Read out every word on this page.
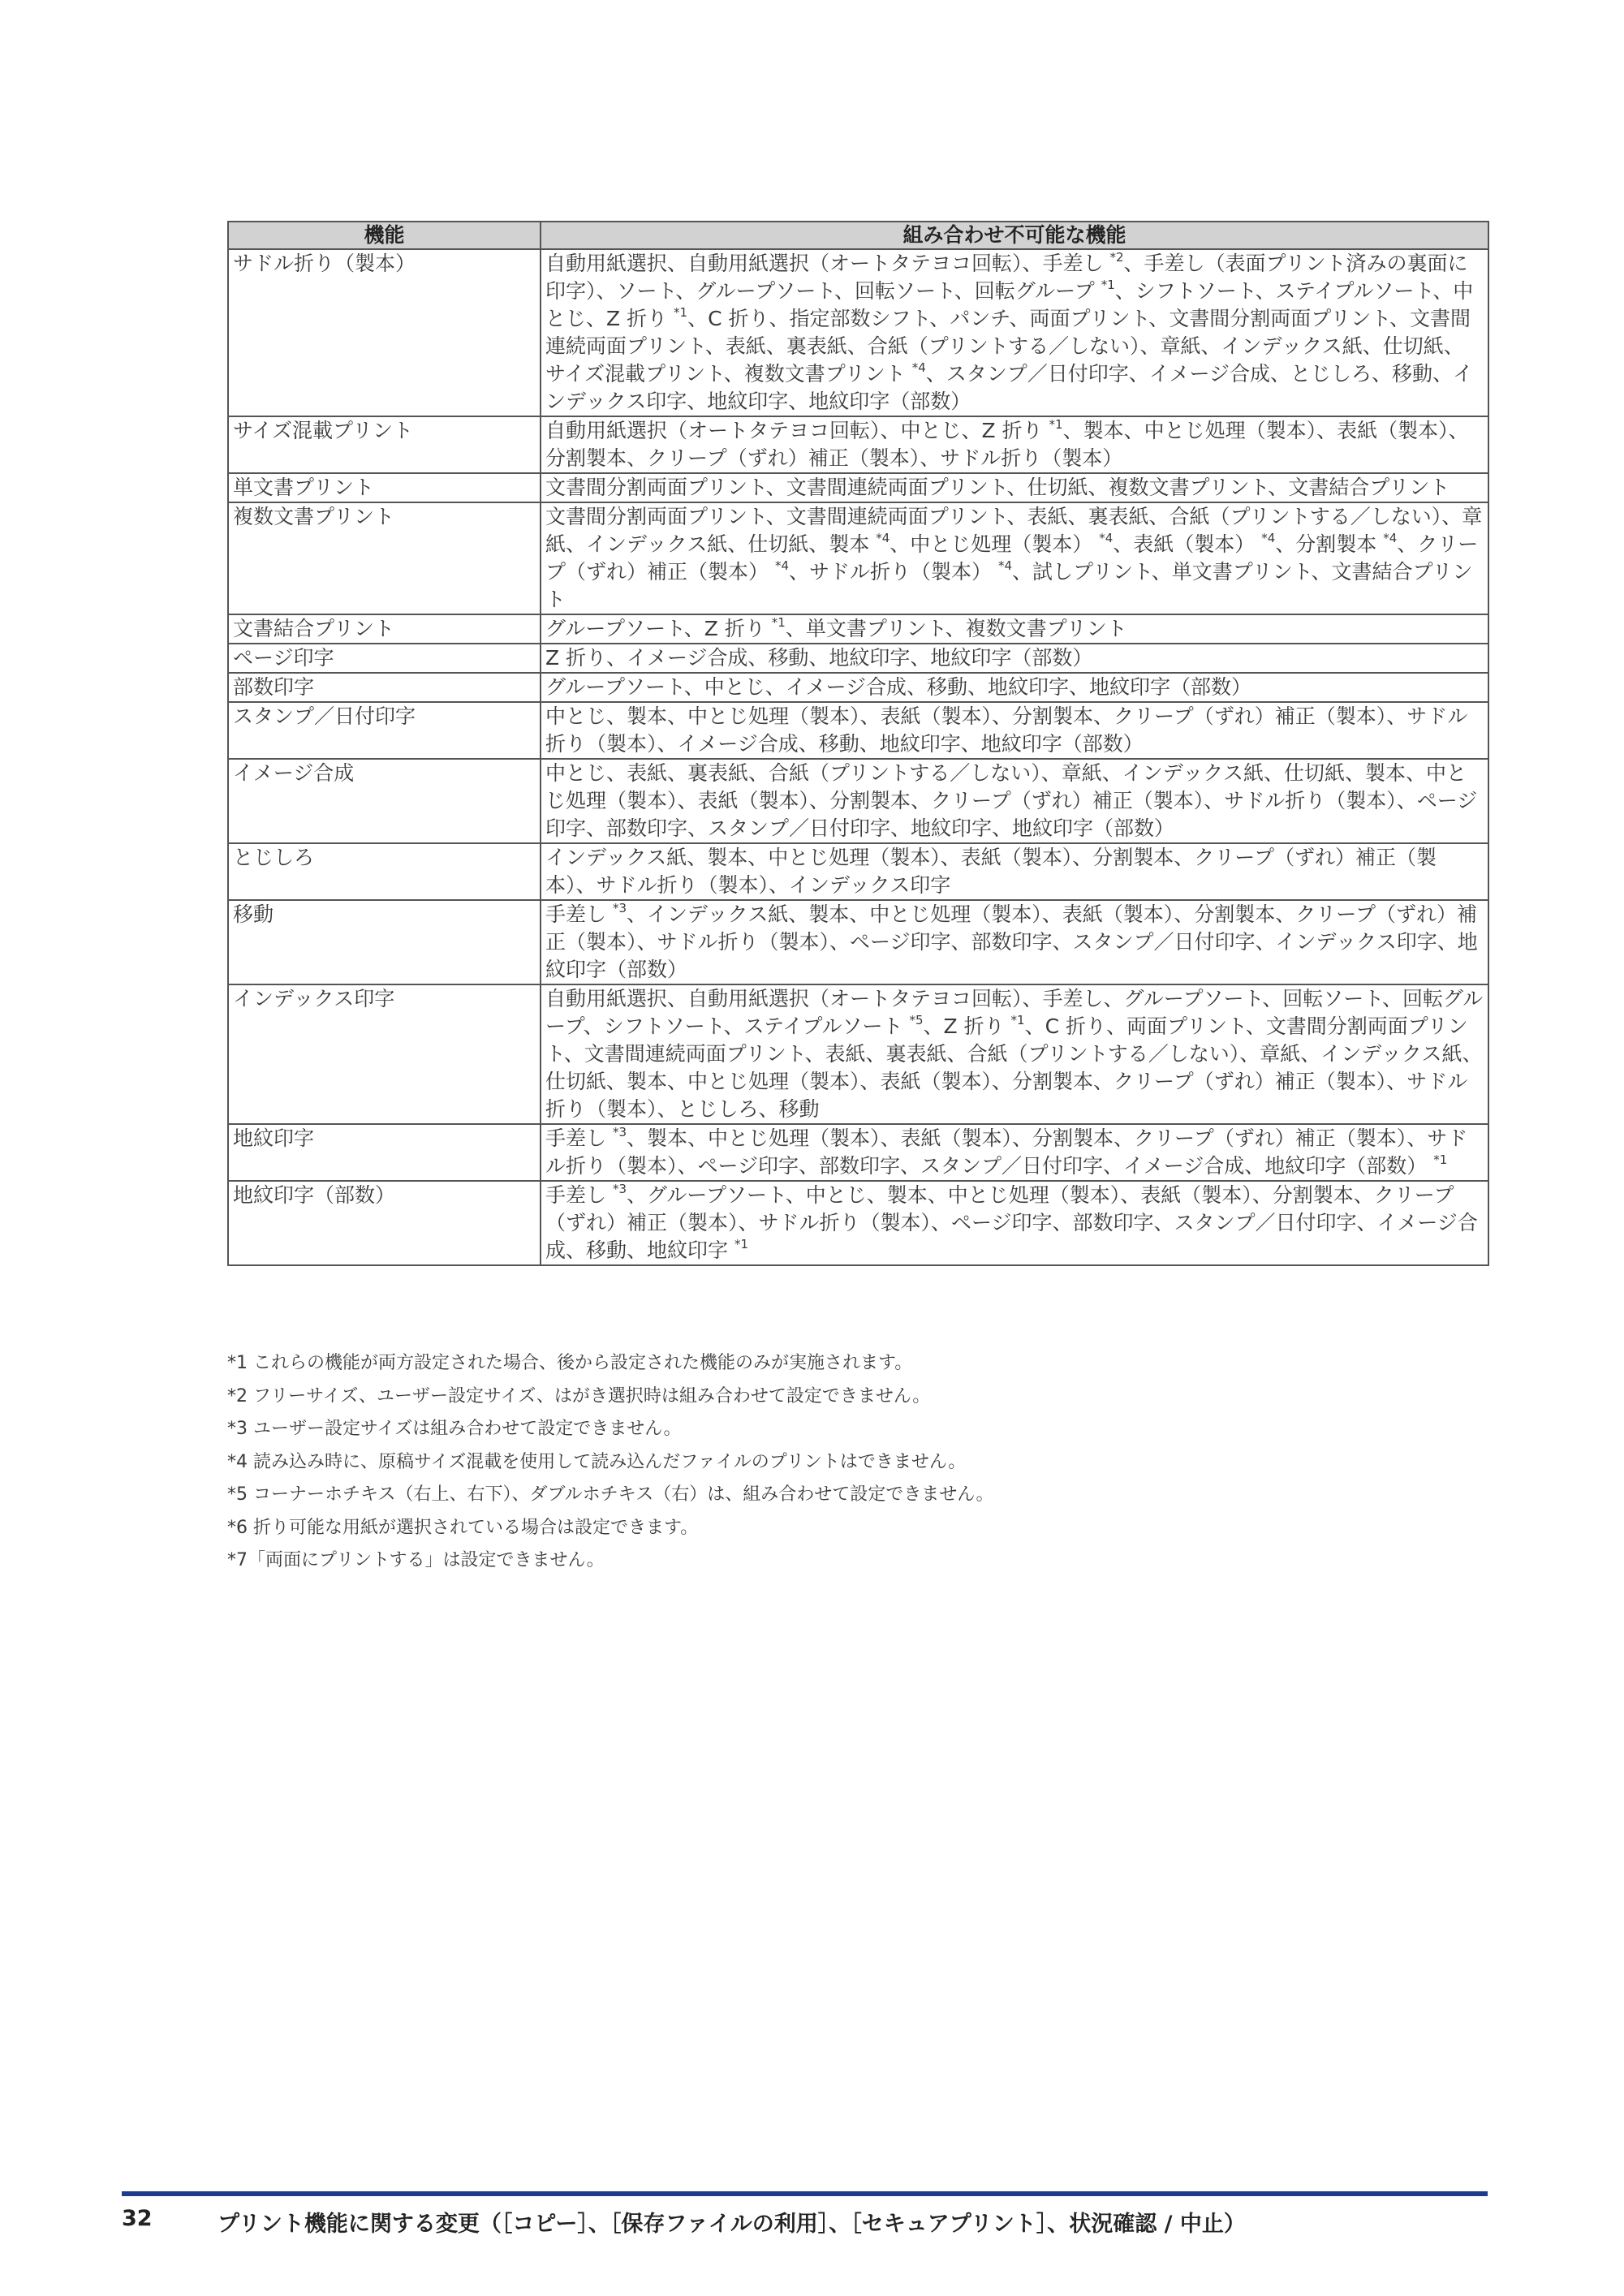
機能	組み合わせ不可能な機能
サドル折り（製本）	自動用紙選択、自動用紙選択（オートタテヨコ回転）、手差し $^{*2}$、手差し（表面プリント済みの裏面に印字）、ソート、グループソート、回転ソート、回転グループ $^{*1}$、シフトソート、ステイプルソート、中とじ、Z 折り $^{*1}$、C 折り、指定部数シフト、パンチ、両面プリント、文書間分割両面プリント、文書間連続両面プリント、表紙、裏表紙、合紙（プリントする／しない）、章紙、インデックス紙、仕切紙、サイズ混載プリント、複数文書プリント $^{*4}$、スタンプ／日付印字、イメージ合成、とじしろ、移動、インデックス印字、地紋印字、地紋印字（部数）
サイズ混載プリント	自動用紙選択（オートタテヨコ回転）、中とじ、Z 折り $^{*1}$、製本、中とじ処理（製本）、表紙（製本）、分割製本、クリープ（ずれ）補正（製本）、サドル折り（製本）
単文書プリント	文書間分割両面プリント、文書間連続両面プリント、仕切紙、複数文書プリント、文書結合プリント
複数文書プリント	文書間分割両面プリント、文書間連続両面プリント、表紙、裏表紙、合紙（プリントする／しない）、章紙、インデックス紙、仕切紙、製本 $^{*4}$、中とじ処理（製本） $^{*4}$、表紙（製本） $^{*4}$、分割製本 $^{*4}$、クリープ（ずれ）補正（製本） $^{*4}$、サドル折り（製本） $^{*4}$、試しプリント、単文書プリント、文書結合プリント
文書結合プリント	グループソート、Z 折り $^{*1}$、単文書プリント、複数文書プリント
ページ印字	Z 折り、イメージ合成、移動、地紋印字、地紋印字（部数）
部数印字	グループソート、中とじ、イメージ合成、移動、地紋印字、地紋印字（部数）
スタンプ／日付印字	中とじ、製本、中とじ処理（製本）、表紙（製本）、分割製本、クリープ（ずれ）補正（製本）、サドル折り（製本）、イメージ合成、移動、地紋印字、地紋印字（部数）
イメージ合成	中とじ、表紙、裏表紙、合紙（プリントする／しない）、章紙、インデックス紙、仕切紙、製本、中とじ処理（製本）、表紙（製本）、分割製本、クリープ（ずれ）補正（製本）、サドル折り（製本）、ページ印字、部数印字、スタンプ／日付印字、地紋印字、地紋印字（部数）
とじしろ	インデックス紙、製本、中とじ処理（製本）、表紙（製本）、分割製本、クリープ（ずれ）補正（製本）、サドル折り（製本）、インデックス印字
移動	手差し $^{*3}$、インデックス紙、製本、中とじ処理（製本）、表紙（製本）、分割製本、クリープ（ずれ）補正（製本）、サドル折り（製本）、ページ印字、部数印字、スタンプ／日付印字、インデックス印字、地紋印字（部数）
インデックス印字	自動用紙選択、自動用紙選択（オートタテヨコ回転）、手差し、グループソート、回転ソート、回転グループ、シフトソート、ステイプルソート $^{*5}$、Z 折り $^{*1}$、C 折り、両面プリント、文書間分割両面プリント、文書間連続両面プリント、表紙、裏表紙、合紙（プリントする／しない）、章紙、インデックス紙、仕切紙、製本、中とじ処理（製本）、表紙（製本）、分割製本、クリープ（ずれ）補正（製本）、サドル折り（製本）、とじしろ、移動
地紋印字	手差し $^{*3}$、製本、中とじ処理（製本）、表紙（製本）、分割製本、クリープ（ずれ）補正（製本）、サドル折り（製本）、ページ印字、部数印字、スタンプ／日付印字、イメージ合成、地紋印字（部数） $^{*1}$
地紋印字（部数）	手差し $^{*3}$、グループソート、中とじ、製本、中とじ処理（製本）、表紙（製本）、分割製本、クリープ（ずれ）補正（製本）、サドル折り（製本）、ページ印字、部数印字、スタンプ／日付印字、イメージ合成、移動、地紋印字 $^{*1}$
*1 これらの機能が両方設定された場合、後から設定された機能のみが実施されます。
*2 フリーサイズ、ユーザー設定サイズ、はがき選択時は組み合わせて設定できません。
*3 ユーザー設定サイズは組み合わせて設定できません。
*4 読み込み時に、原稿サイズ混載を使用して読み込んだファイルのプリントはできません。
*5 コーナーホチキス（右上、右下）、ダブルホチキス（右）は、組み合わせて設定できません。
*6 折り可能な用紙が選択されている場合は設定できます。
*7「両面にプリントする」は設定できません。
32	プリント機能に関する変更（［コピー］、［保存ファイルの利用］、［セキュアプリント］、状況確認 / 中止）
